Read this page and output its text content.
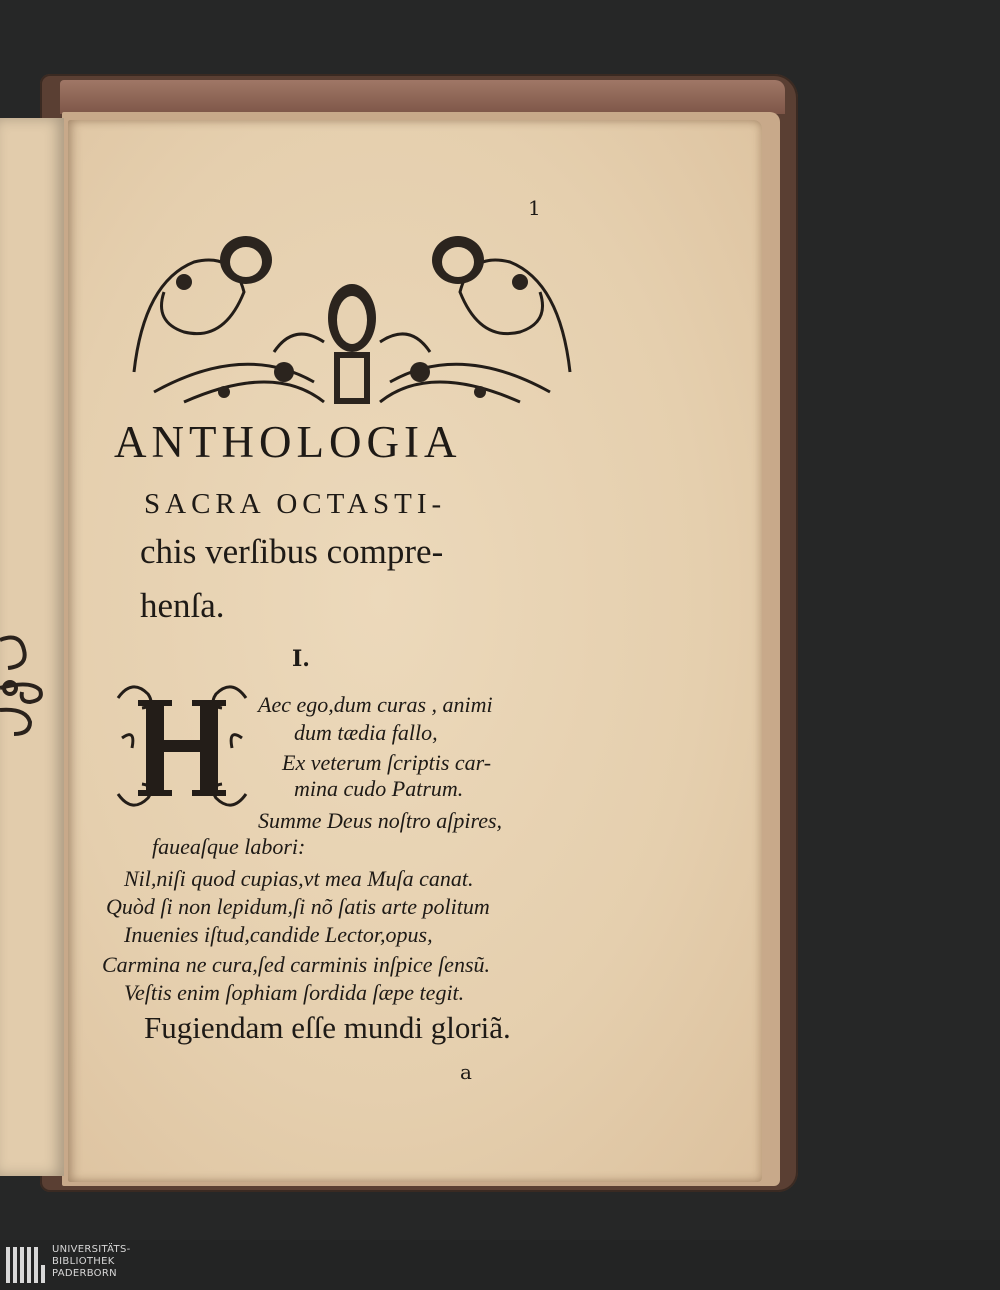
1
ANTHOLOGIA
SACRA OCTASTI-
chis verſibus compre-
henſa.
I.
Aec ego,dum curas , animi
dum tædia fallo,
Ex veterum ſcriptis car-
mina cudo Patrum.
Summe Deus noſtro aſpires,
faueaſque labori:
Nil,niſi quod cupias,vt mea Muſa canat.
Quòd ſi non lepidum,ſi nõ ſatis arte politum
Inuenies iſtud,candide Lector,opus,
Carmina ne cura,ſed carminis inſpice ſensũ.
Veſtis enim ſophiam ſordida ſæpe tegit.
Fugiendam eſſe mundi gloriã.
a
UNIVERSITÄTS-
BIBLIOTHEK
PADERBORN
